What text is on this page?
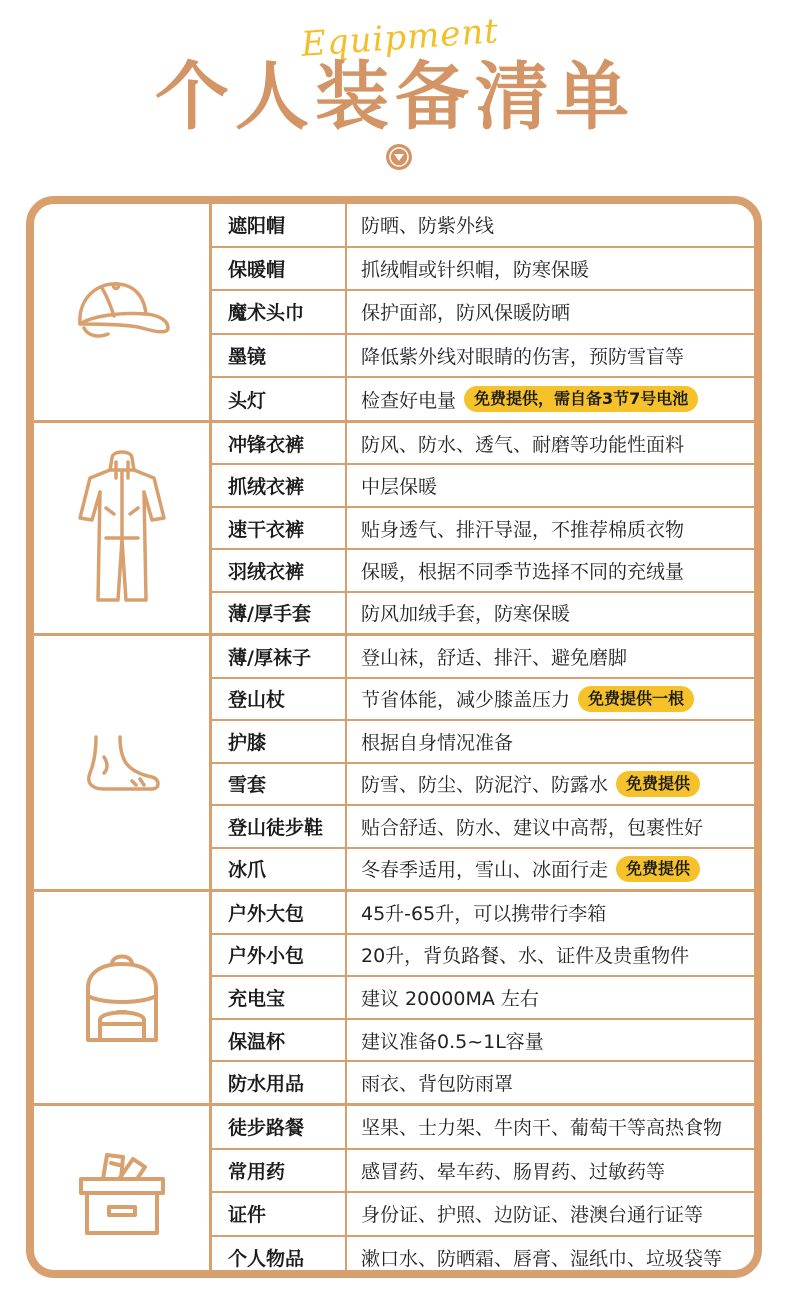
Equipment
个人装备清单
遮阳帽	防晒、防紫外线
保暖帽	抓绒帽或针织帽，防寒保暖
魔术头巾	保护面部，防风保暖防晒
墨镜	降低紫外线对眼睛的伤害，预防雪盲等
头灯	检查好电量	免费提供，需自备3节7号电池
冲锋衣裤	防风、防水、透气、耐磨等功能性面料
抓绒衣裤	中层保暖
速干衣裤	贴身透气、排汗导湿，不推荐棉质衣物
羽绒衣裤	保暖，根据不同季节选择不同的充绒量
薄/厚手套	防风加绒手套，防寒保暖
薄/厚袜子	登山袜，舒适、排汗、避免磨脚
登山杖	节省体能，减少膝盖压力	免费提供一根
护膝	根据自身情况准备
雪套	防雪、防尘、防泥泞、防露水	免费提供
登山徒步鞋	贴合舒适、防水、建议中高帮，包裹性好
冰爪	冬春季适用，雪山、冰面行走	免费提供
户外大包	45升-65升，可以携带行李箱
户外小包	20升，背负路餐、水、证件及贵重物件
充电宝	建议 20000MA 左右
保温杯	建议准备0.5~1L容量
防水用品	雨衣、背包防雨罩
徒步路餐	坚果、士力架、牛肉干、葡萄干等高热食物
常用药	感冒药、晕车药、肠胃药、过敏药等
证件	身份证、护照、边防证、港澳台通行证等
个人物品	漱口水、防晒霜、唇膏、湿纸巾、垃圾袋等
